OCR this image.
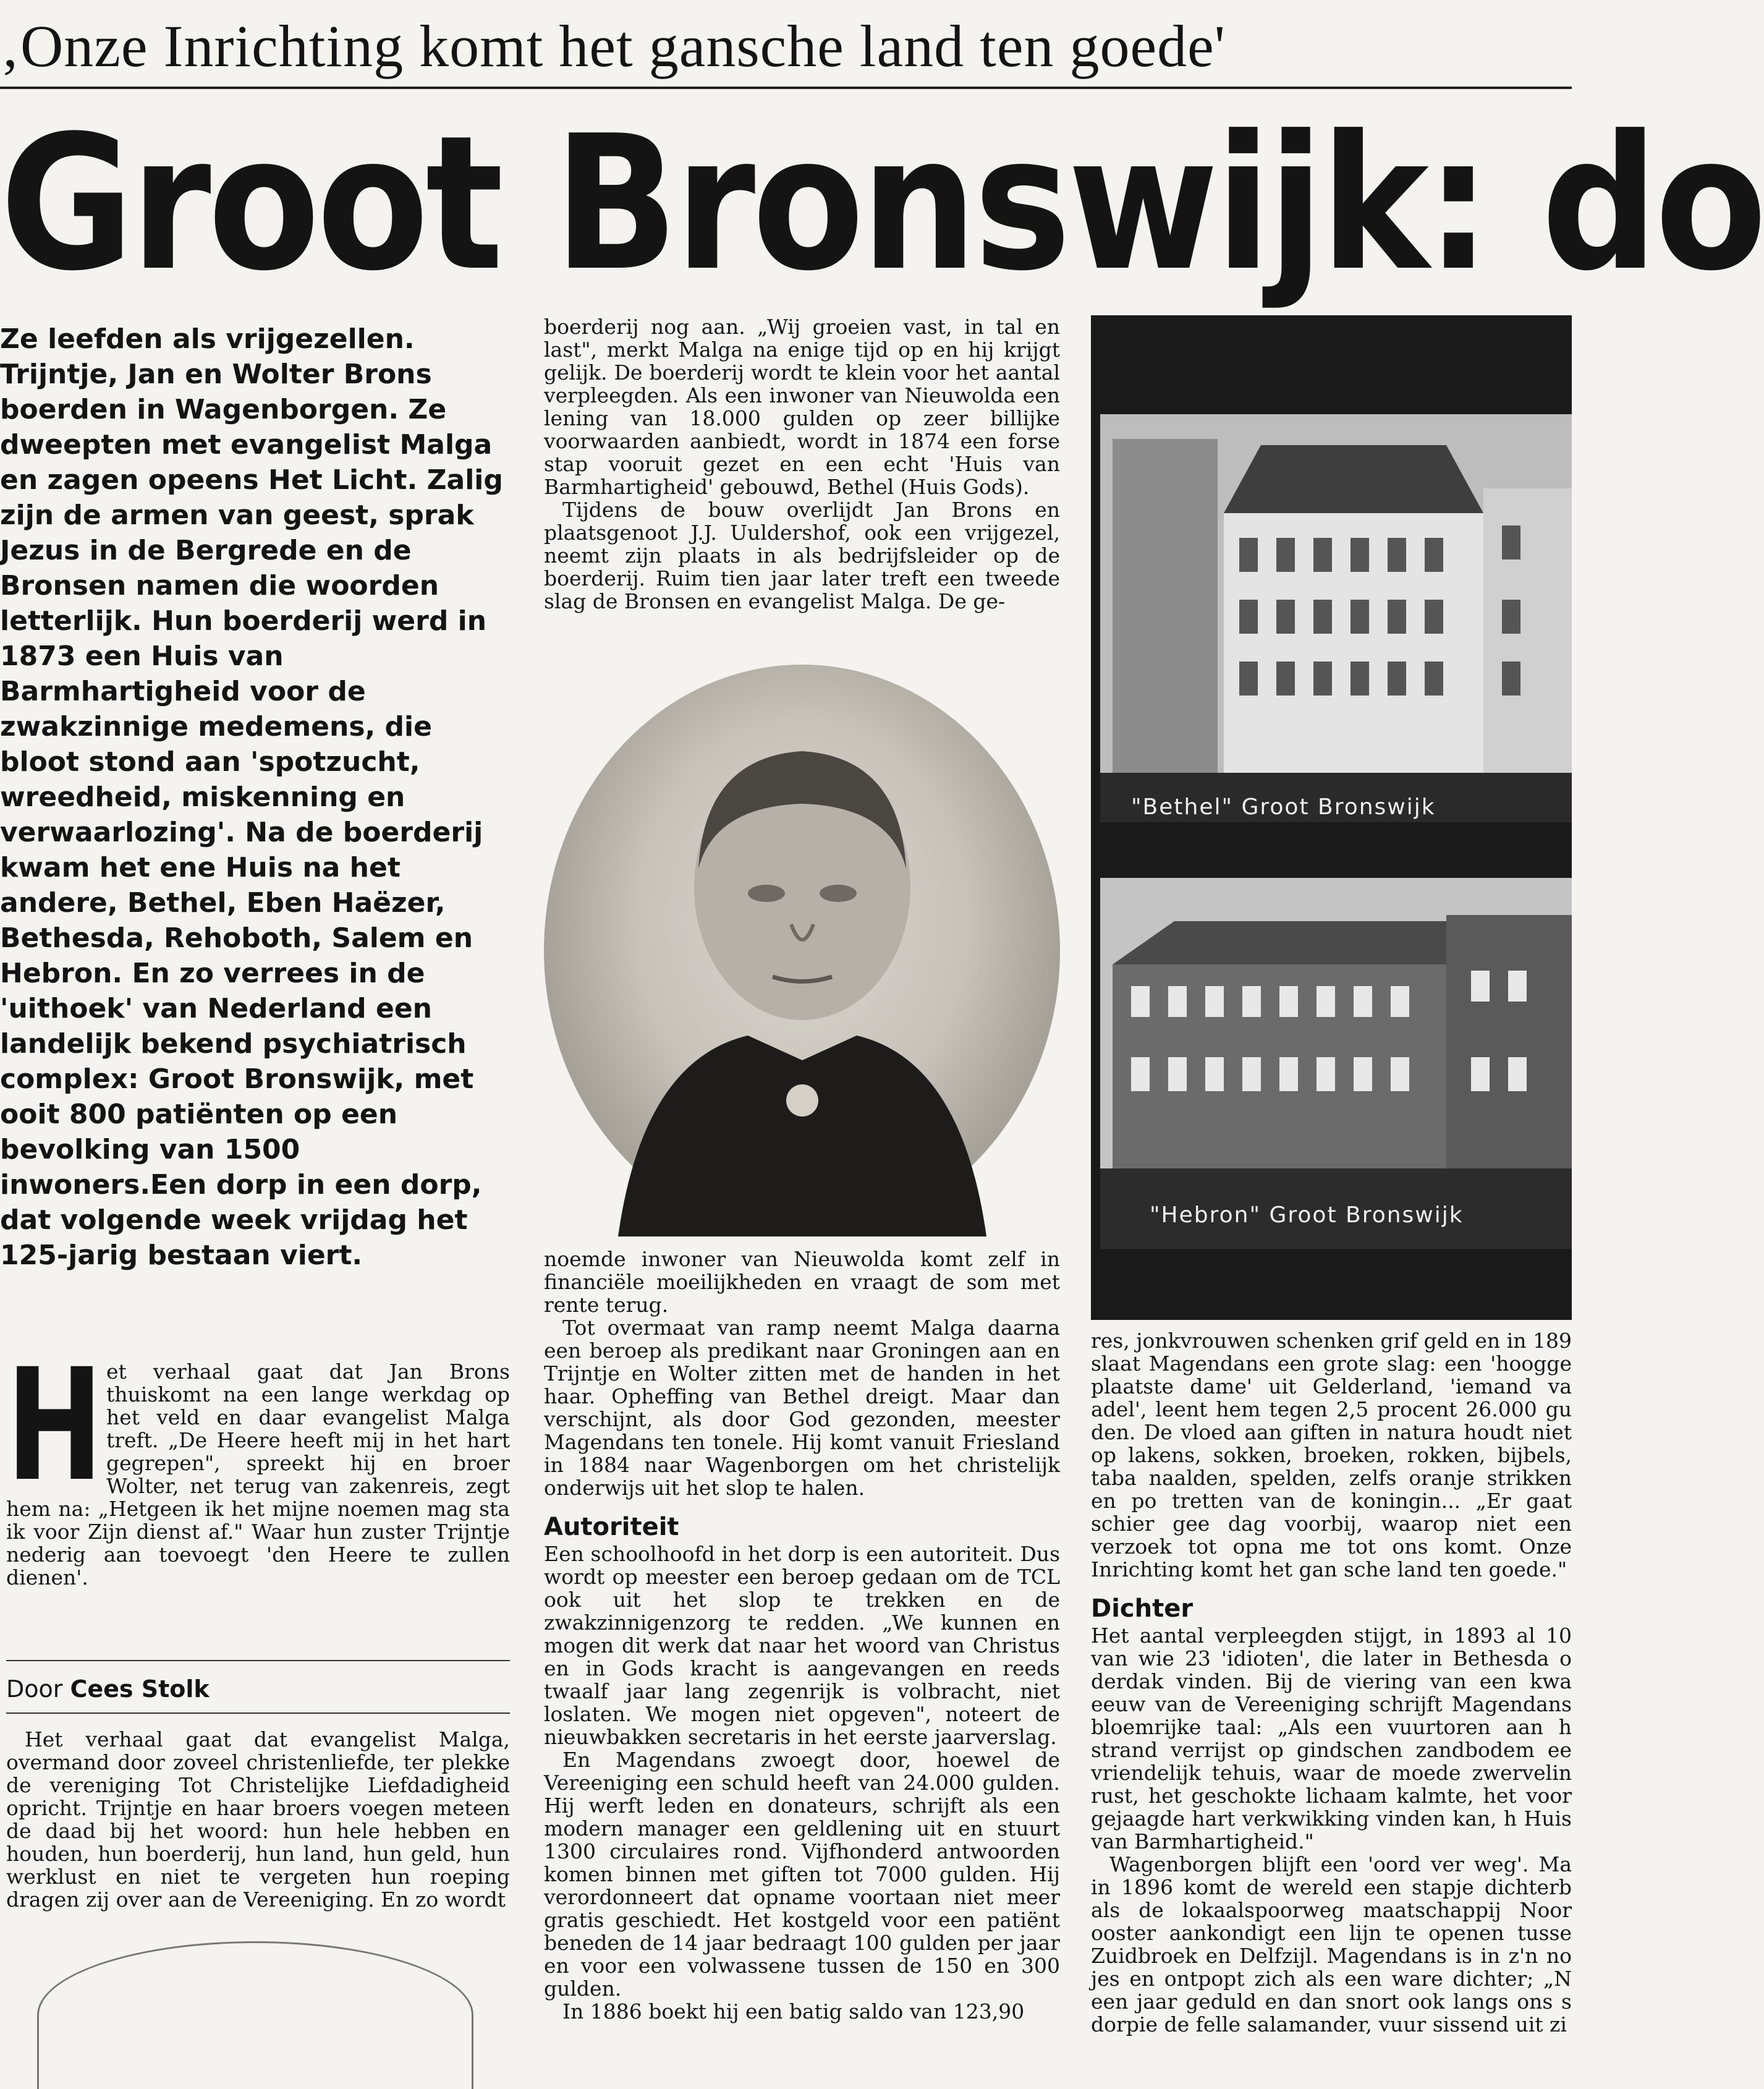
‚Onze Inrichting komt het gansche land ten goede'
Groot Bronswijk: do

Ze leefden als vrijgezellen. Trijntje, Jan en Wolter Brons boerden in Wagenborgen. Ze dweepten met evangelist Malga en zagen opeens Het Licht. Zalig zijn de armen van geest, sprak Jezus in de Bergrede en de Bronsen namen die woorden letterlijk. Hun boerderij werd in 1873 een Huis van Barmhartigheid voor de zwakzinnige medemens, die bloot stond aan 'spotzucht, wreedheid, miskenning en verwaarlozing'. Na de boerderij kwam het ene Huis na het andere, Bethel, Eben Haëzer, Bethesda, Rehoboth, Salem en Hebron. En zo verrees in de 'uithoek' van Nederland een landelijk bekend psychiatrisch complex: Groot Bronswijk, met ooit 800 patiënten op een bevolking van 1500 inwoners.Een dorp in een dorp, dat volgende week vrijdag het 125-jarig bestaan viert.

H et verhaal gaat dat Jan Brons thuiskomt na een lange werkdag op het veld en daar evangelist Malga treft. „De Heere heeft mij in het hart gegrepen", spreekt hij en broer Wolter, net terug van zakenreis, zegt hem na: „Hetgeen ik het mijne noemen mag sta ik voor Zijn dienst af." Waar hun zuster Trijntje nederig aan toevoegt 'den Heere te zullen dienen'.

Door Cees Stolk

Het verhaal gaat dat evangelist Malga, overmand door zoveel christenliefde, ter plekke de vereniging Tot Christelijke Liefdadigheid opricht. Trijntje en haar broers voegen meteen de daad bij het woord: hun hele hebben en houden, hun boerderij, hun land, hun geld, hun werklust en niet te vergeten hun roeping dragen zij over aan de Vereeniging. En zo wordt

boerderij nog aan. „Wij groeien vast, in tal en last", merkt Malga na enige tijd op en hij krijgt gelijk. De boerderij wordt te klein voor het aantal verpleegden. Als een inwoner van Nieuwolda een lening van 18.000 gulden op zeer billijke voorwaarden aanbiedt, wordt in 1874 een forse stap vooruit gezet en een echt 'Huis van Barmhartigheid' gebouwd, Bethel (Huis Gods).

Tijdens de bouw overlijdt Jan Brons en plaatsgenoot J.J. Uuldershof, ook een vrijgezel, neemt zijn plaats in als bedrijfsleider op de boerderij. Ruim tien jaar later treft een tweede slag de Bronsen en evangelist Malga. De ge-

noemde inwoner van Nieuwolda komt zelf in financiële moeilijkheden en vraagt de som met rente terug.

Tot overmaat van ramp neemt Malga daarna een beroep als predikant naar Groningen aan en Trijntje en Wolter zitten met de handen in het haar. Opheffing van Bethel dreigt. Maar dan verschijnt, als door God gezonden, meester Magendans ten tonele. Hij komt vanuit Friesland in 1884 naar Wagenborgen om het christelijk onderwijs uit het slop te halen.

Autoriteit

Een schoolhoofd in het dorp is een autoriteit. Dus wordt op meester een beroep gedaan om de TCL ook uit het slop te trekken en de zwakzinnigenzorg te redden. „We kunnen en mogen dit werk dat naar het woord van Christus en in Gods kracht is aangevangen en reeds twaalf jaar lang zegenrijk is volbracht, niet loslaten. We mogen niet opgeven", noteert de nieuwbakken secretaris in het eerste jaarverslag.

En Magendans zwoegt door, hoewel de Vereeniging een schuld heeft van 24.000 gulden. Hij werft leden en donateurs, schrijft als een modern manager een geldlening uit en stuurt 1300 circulaires rond. Vijfhonderd antwoorden komen binnen met giften tot 7000 gulden. Hij verordonneert dat opname voortaan niet meer gratis geschiedt. Het kostgeld voor een patiënt beneden de 14 jaar bedraagt 100 gulden per jaar en voor een volwassene tussen de 150 en 300 gulden.

In 1886 boekt hij een batig saldo van 123,90

"Bethel" Groot Bronswijk
"Hebron" Groot Bronswijk

res, jonkvrouwen schenken grif geld en in 189 slaat Magendans een grote slag: een 'hoogge plaatste dame' uit Gelderland, 'iemand va adel', leent hem tegen 2,5 procent 26.000 gu den. De vloed aan giften in natura houdt niet op lakens, sokken, broeken, rokken, bijbels, taba naalden, spelden, zelfs oranje strikken en po tretten van de koningin... „Er gaat schier gee dag voorbij, waarop niet een verzoek tot opna me tot ons komt. Onze Inrichting komt het gan sche land ten goede."

Dichter

Het aantal verpleegden stijgt, in 1893 al 10 van wie 23 'idioten', die later in Bethesda o derdak vinden. Bij de viering van een kwa eeuw van de Vereeniging schrijft Magendans bloemrijke taal: „Als een vuurtoren aan h strand verrijst op gindschen zandbodem ee vriendelijk tehuis, waar de moede zwervelin rust, het geschokte lichaam kalmte, het voor gejaagde hart verkwikking vinden kan, h Huis van Barmhartigheid."

Wagenborgen blijft een 'oord ver weg'. Ma in 1896 komt de wereld een stapje dichterb als de lokaalspoorweg maatschappij Noor ooster aankondigt een lijn te openen tusse Zuidbroek en Delfzijl. Magendans is in z'n no jes en ontpopt zich als een ware dichter; „N een jaar geduld en dan snort ook langs ons s dorpie de felle salamander, vuur sissend uit zi
